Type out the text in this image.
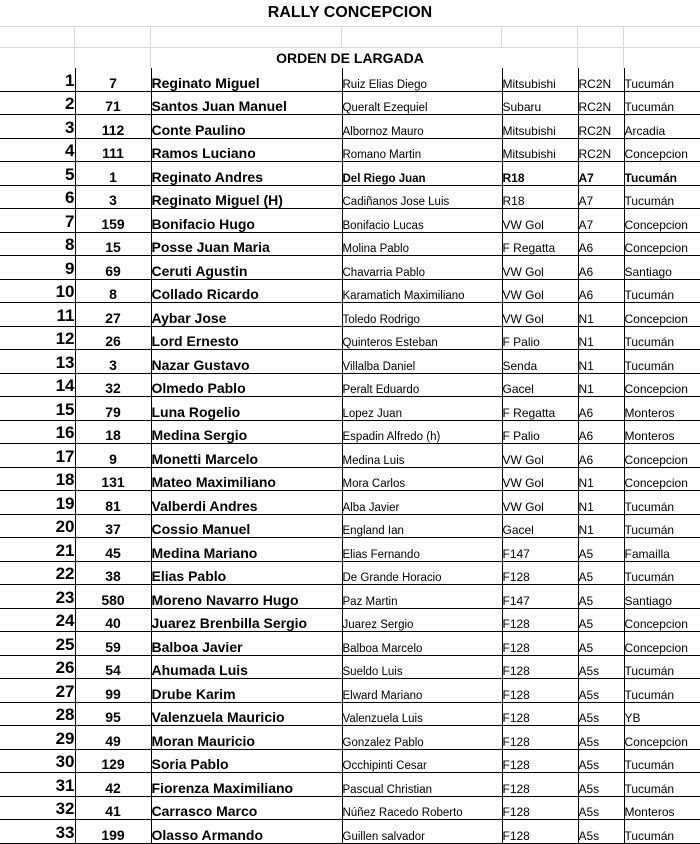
RALLY CONCEPCION
ORDEN DE LARGADA
1	7	Reginato Miguel	Ruiz Elias Diego	Mitsubishi	RC2N	Tucumán
2	71	Santos Juan Manuel	Queralt Ezequiel	Subaru	RC2N	Tucumán
3	112	Conte Paulino	Albornoz Mauro	Mitsubishi	RC2N	Arcadia
4	111	Ramos Luciano	Romano Martin	Mitsubishi	RC2N	Concepcion
5	1	Reginato Andres	Del Riego Juan	R18	A7	Tucumán
6	3	Reginato Miguel (H)	Cadiñanos Jose Luis	R18	A7	Tucumán
7	159	Bonifacio Hugo	Bonifacio Lucas	VW Gol	A7	Concepcion
8	15	Posse Juan Maria	Molina Pablo	F Regatta	A6	Concepcion
9	69	Ceruti Agustin	Chavarria Pablo	VW Gol	A6	Santiago
10	8	Collado Ricardo	Karamatich Maximiliano	VW Gol	A6	Tucumán
11	27	Aybar Jose	Toledo Rodrigo	VW Gol	N1	Concepcion
12	26	Lord Ernesto	Quinteros Esteban	F Palio	N1	Tucumán
13	3	Nazar Gustavo	Villalba Daniel	Senda	N1	Tucumán
14	32	Olmedo Pablo	Peralt Eduardo	Gacel	N1	Concepcion
15	79	Luna Rogelio	Lopez Juan	F Regatta	A6	Monteros
16	18	Medina Sergio	Espadin Alfredo (h)	F Palio	A6	Monteros
17	9	Monetti Marcelo	Medina Luis	VW Gol	A6	Concepcion
18	131	Mateo Maximiliano	Mora Carlos	VW Gol	N1	Concepcion
19	81	Valberdi Andres	Alba Javier	VW Gol	N1	Tucumán
20	37	Cossio Manuel	England Ian	Gacel	N1	Tucumán
21	45	Medina Mariano	Elias Fernando	F147	A5	Famailla
22	38	Elias Pablo	De Grande Horacio	F128	A5	Tucumán
23	580	Moreno Navarro Hugo	Paz Martin	F147	A5	Santiago
24	40	Juarez Brenbilla Sergio	Juarez Sergio	F128	A5	Concepcion
25	59	Balboa Javier	Balboa Marcelo	F128	A5	Concepcion
26	54	Ahumada Luis	Sueldo Luis	F128	A5s	Tucumán
27	99	Drube Karim	Elward Mariano	F128	A5s	Tucumán
28	95	Valenzuela Mauricio	Valenzuela Luis	F128	A5s	YB
29	49	Moran Mauricio	Gonzalez Pablo	F128	A5s	Concepcion
30	129	Soria Pablo	Occhipinti Cesar	F128	A5s	Tucumán
31	42	Fiorenza Maximiliano	Pascual Christian	F128	A5s	Tucumán
32	41	Carrasco Marco	Núñez Racedo Roberto	F128	A5s	Monteros
33	199	Olasso Armando	Guillen salvador	F128	A5s	Tucumán
